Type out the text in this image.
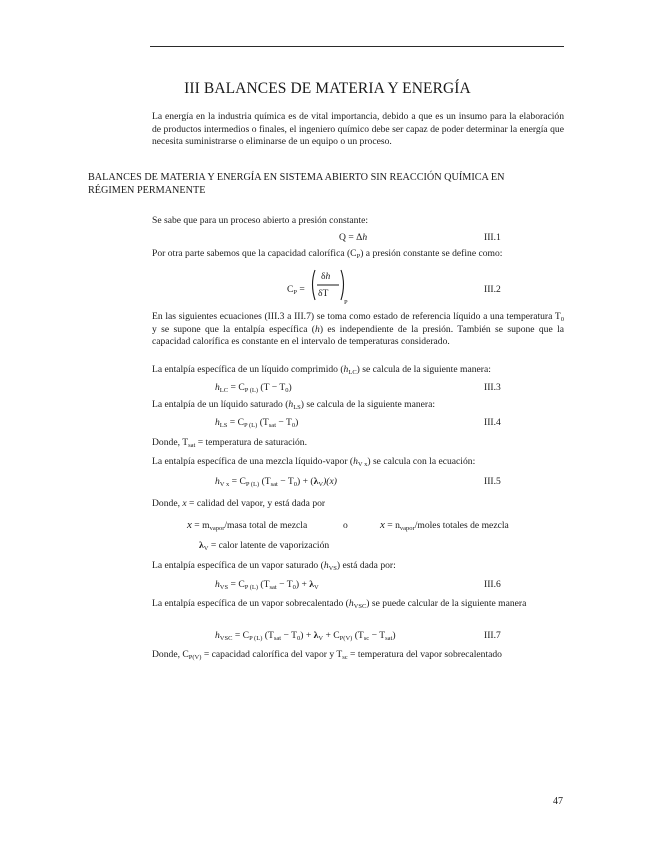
III BALANCES DE MATERIA Y ENERGÍA
La energía en la industria química es de vital importancia, debido a que es un insumo para la elaboración de productos intermedios o finales, el ingeniero químico debe ser capaz de poder determinar la energía que necesita suministrarse o eliminarse de un equipo o un proceso.
BALANCES DE MATERIA Y ENERGÍA EN SISTEMA ABIERTO SIN REACCIÓN QUÍMICA EN RÉGIMEN PERMANENTE

Se sabe que para un proceso abierto a presión constante:

Q = Δh	III.1

Por otra parte sabemos que la capacidad calorífica $(C_P)$ a presión constante se define como:

$C_P$ =
δh
δT
P
III.2

En las siguientes ecuaciones (III.3 a III.7) se toma como estado de referencia líquido a una temperatura $T_0$ y se supone que la entalpía específica (h) es independiente de la presión. También se supone que la capacidad calorífica es constante en el intervalo de temperaturas considerado.

La entalpía específica de un líquido comprimido $(h_{LC})$ se calcula de la siguiente manera:

$h_{LC} = C_{P (L)}$ $(T - T_0)$	III.3

La entalpía de un líquido saturado $(h_{LS})$ se calcula de la siguiente manera:

$h_{LS} = C_{P (L)}$ $(T_{sat} - T_0)$	III.4

Donde, $T_{sat}$ = temperatura de saturación.

La entalpía específica de una mezcla líquido-vapor $(h_{V x})$ se calcula con la ecuación:

$h_{V x} = C_{P (L)}$ $(T_{sat} - T_0) + (\lambda_V)(x)$	III.5

Donde, x = calidad del vapor, y está dada por

$x = m_{vapor}$/masa total de mezcla	o	$x = n_{vapor}$/moles totales de mezcla
$\lambda_V$ = calor latente de vaporización

La entalpía específica de un vapor saturado $(h_{VS})$ está dada por:

$h_{VS} = C_{P (L)}$ $(T_{sat} - T_0) + \lambda_V$	III.6

La entalpía específica de un vapor sobrecalentado $(h_{VSC})$ se puede calcular de la siguiente manera

$h_{VSC} = C_{P (L)}$ $(T_{sat} - T_0) + \lambda_V + C_{P(V)}$ $(T_{sc} - T_{sat})$	III.7

Donde, $C_{P(V)}$ = capacidad calorífica del vapor y $T_{sc}$ = temperatura del vapor sobrecalentado

47
